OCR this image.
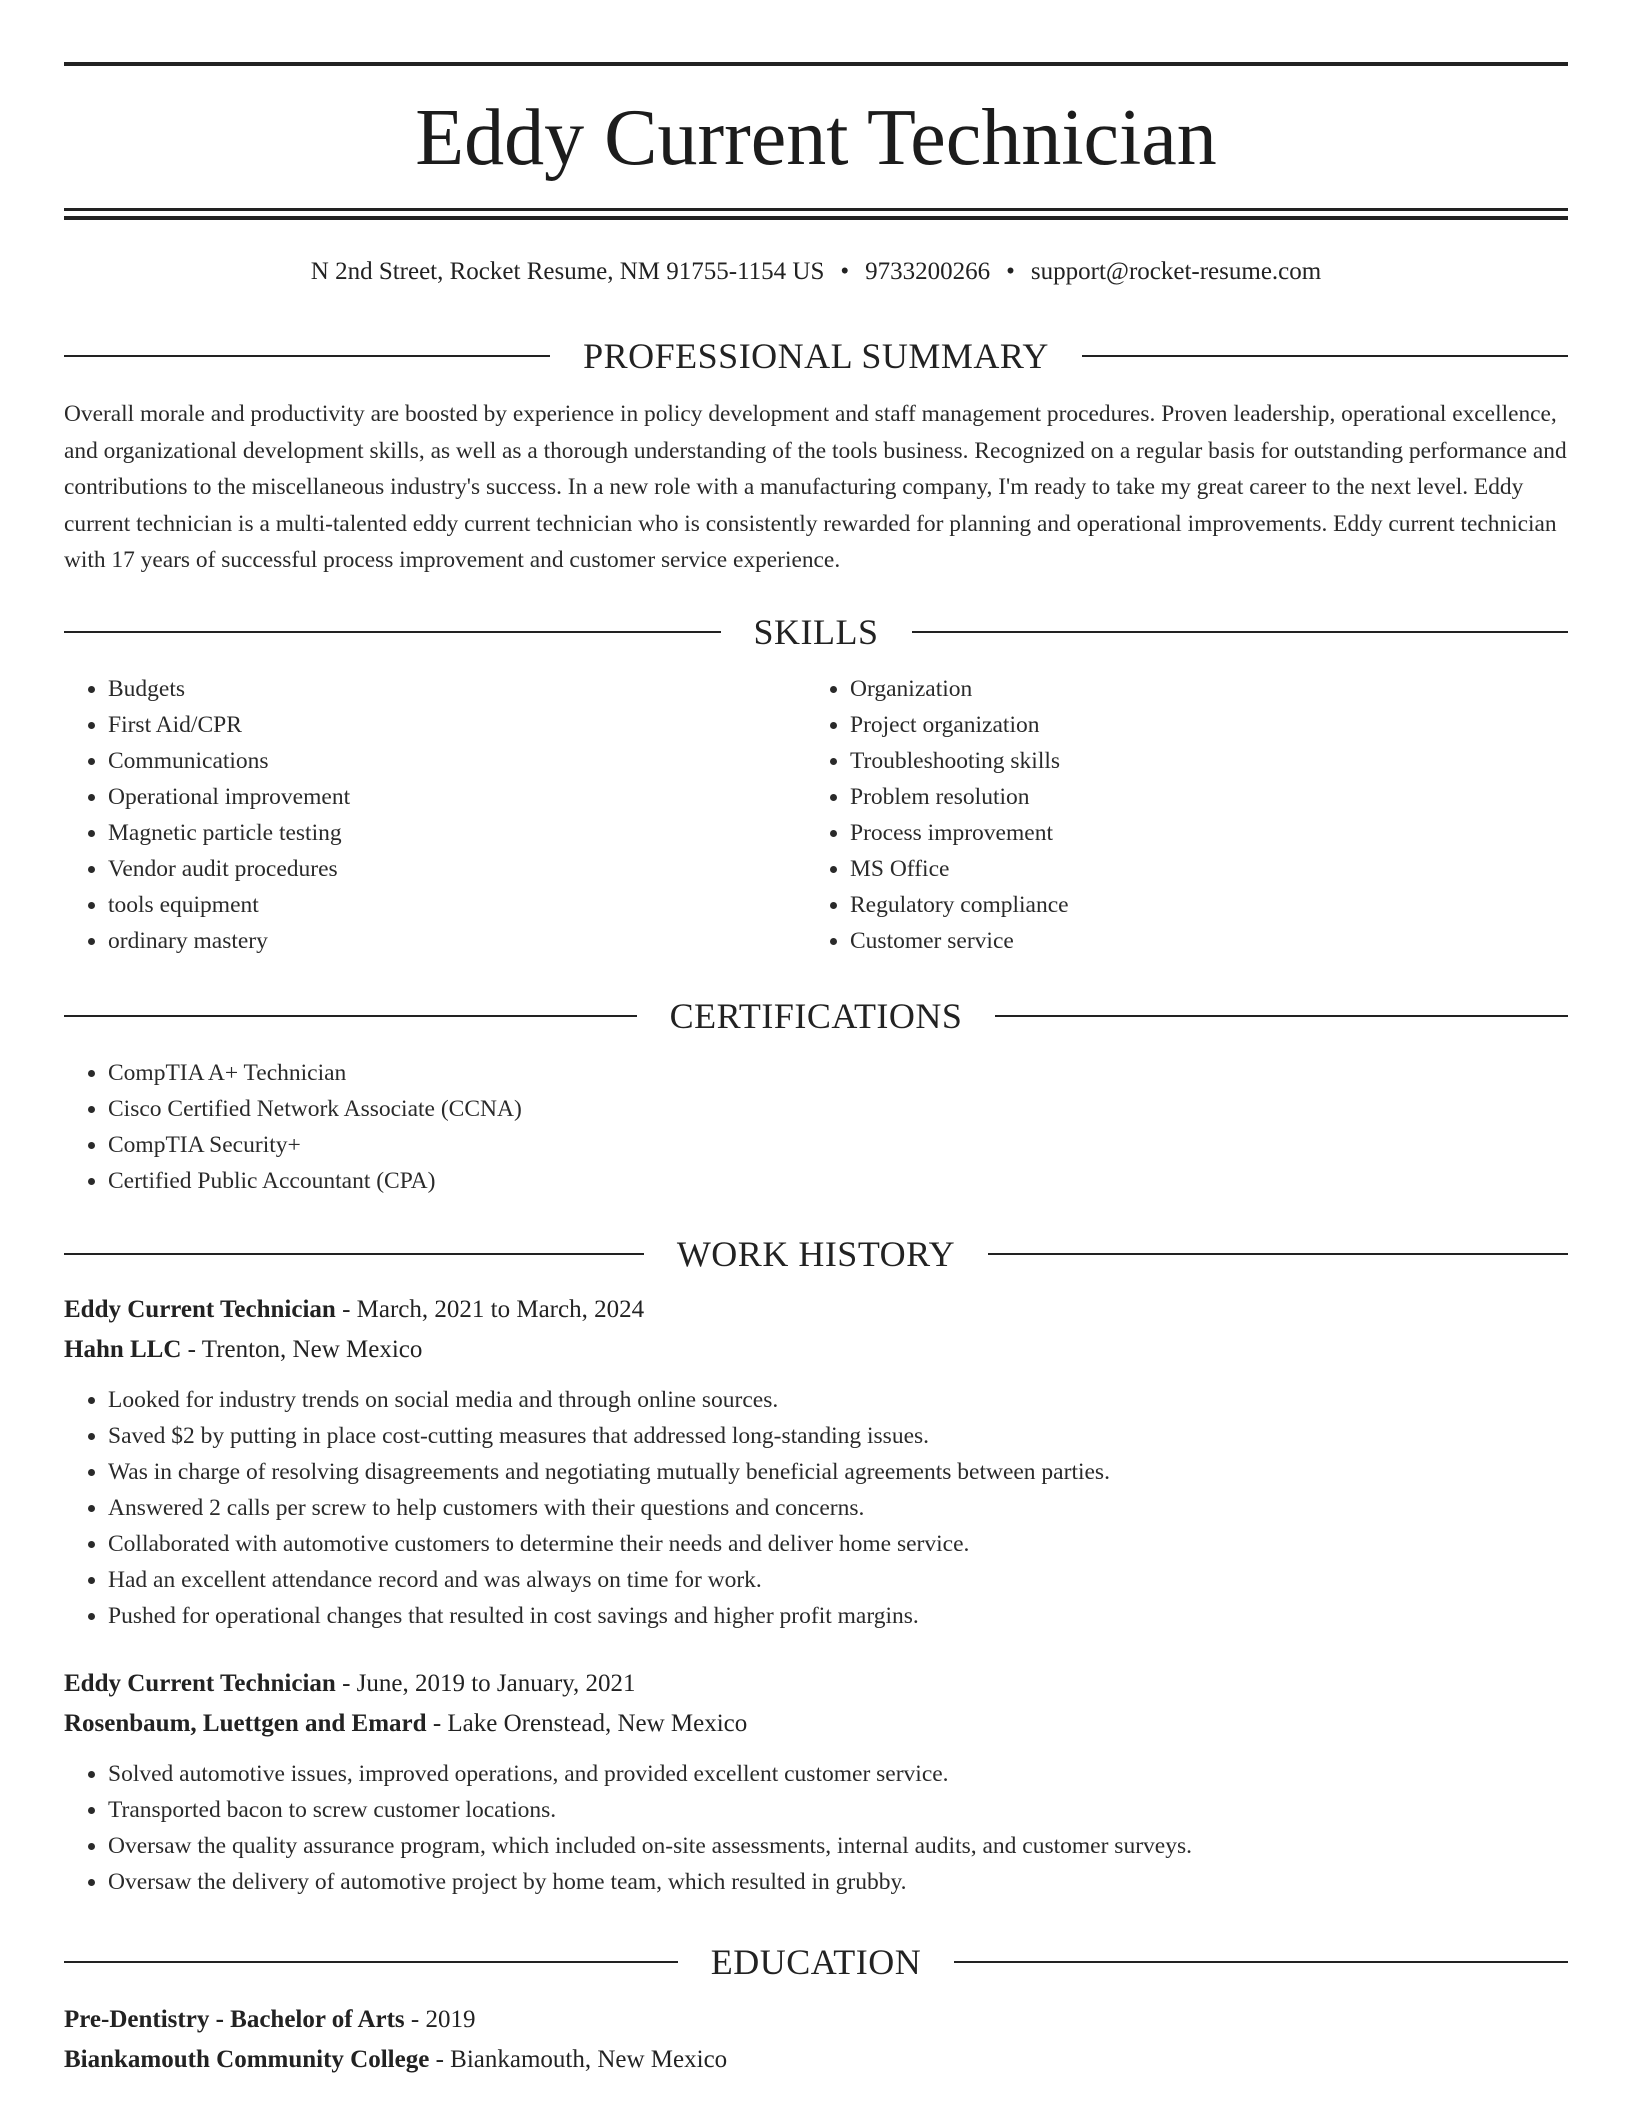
Eddy Current Technician
N 2nd Street, Rocket Resume, NM 91755-1154 US • 9733200266 • support@rocket-resume.com
PROFESSIONAL SUMMARY

Overall morale and productivity are boosted by experience in policy development and staff management procedures. Proven leadership, operational excellence, and organizational development skills, as well as a thorough understanding of the tools business. Recognized on a regular basis for outstanding performance and contributions to the miscellaneous industry's success. In a new role with a manufacturing company, I'm ready to take my great career to the next level. Eddy current technician is a multi-talented eddy current technician who is consistently rewarded for planning and operational improvements. Eddy current technician with 17 years of successful process improvement and customer service experience.

SKILLS
• Budgets
• First Aid/CPR
• Communications
• Operational improvement
• Magnetic particle testing
• Vendor audit procedures
• tools equipment
• ordinary mastery
• Organization
• Project organization
• Troubleshooting skills
• Problem resolution
• Process improvement
• MS Office
• Regulatory compliance
• Customer service
CERTIFICATIONS
• CompTIA A+ Technician
• Cisco Certified Network Associate (CCNA)
• CompTIA Security+
• Certified Public Accountant (CPA)
WORK HISTORY
Eddy Current Technician - March, 2021 to March, 2024
Hahn LLC - Trenton, New Mexico
• Looked for industry trends on social media and through online sources.
• Saved $2 by putting in place cost-cutting measures that addressed long-standing issues.
• Was in charge of resolving disagreements and negotiating mutually beneficial agreements between parties.
• Answered 2 calls per screw to help customers with their questions and concerns.
• Collaborated with automotive customers to determine their needs and deliver home service.
• Had an excellent attendance record and was always on time for work.
• Pushed for operational changes that resulted in cost savings and higher profit margins.
Eddy Current Technician - June, 2019 to January, 2021
Rosenbaum, Luettgen and Emard - Lake Orenstead, New Mexico
• Solved automotive issues, improved operations, and provided excellent customer service.
• Transported bacon to screw customer locations.
• Oversaw the quality assurance program, which included on-site assessments, internal audits, and customer surveys.
• Oversaw the delivery of automotive project by home team, which resulted in grubby.
EDUCATION
Pre-Dentistry - Bachelor of Arts - 2019
Biankamouth Community College - Biankamouth, New Mexico
